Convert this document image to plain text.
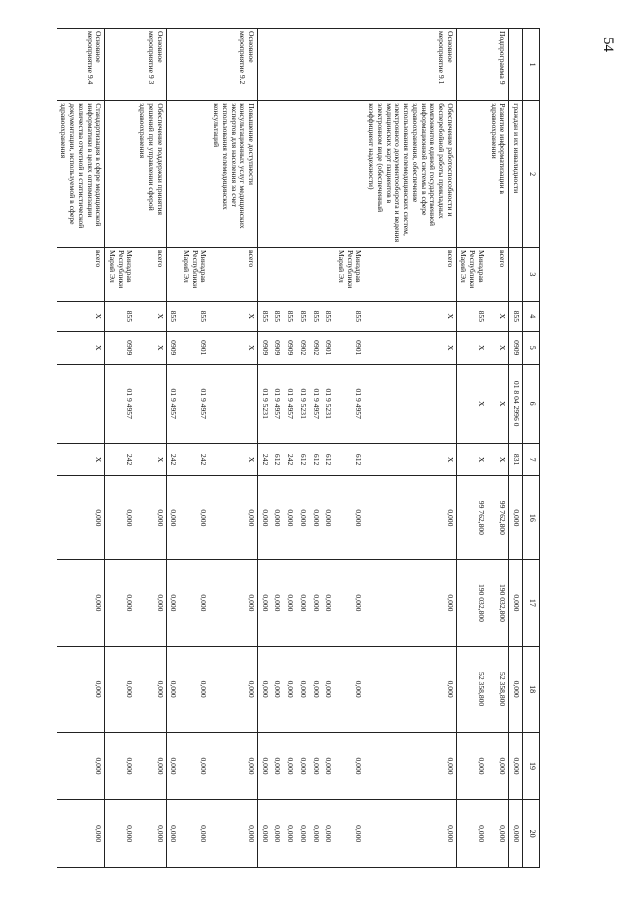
54
1	2	3	4	5	6	7	16	17	18	19	20
	граждан и их инвалидности		855	0909	01 8 04 2996 0	831	0,000	0,000	0,000	0,000	0,000
Подпрограмма 9	Развитие информатизации в здравоохранении	всего	X	X	X	X	99 762,800	190 032,800	52 358,800	0,000	0,000
		Минздрав Республики Марий Эл	855	X	X	X	99 762,800	190 032,800	52 358,800	0,000	0,000
Основное мероприятие 9.1	Обеспечение работоспособности и бесперебойной работы прикладных компонентов единой государственной информационной системы в сфере здравоохранения, обеспечение использования телемедицинских систем, электронного документооборота и ведения медицинских карт пациентов в электронном виде (обеспеченный коэффициент надежности)	всего	X	X		X	0,000	0,000	0,000	0,000	0,000
		Минздрав Республики Марий Эл	855	0901	01 9 4957	612	0,000	0,000	0,000	0,000	0,000
			855	0901	01 9 5231	612	0,000	0,000	0,000	0,000	0,000
			855	0902	01 9 4957	612	0,000	0,000	0,000	0,000	0,000
			855	0902	01 9 5231	612	0,000	0,000	0,000	0,000	0,000
			855	0909	01 9 4957	242	0,000	0,000	0,000	0,000	0,000
			855	0909	01 9 4957	612	0,000	0,000	0,000	0,000	0,000
			855	0909	01 9 5231	242	0,000	0,000	0,000	0,000	0,000
Основное мероприятие 9.2	Повышение доступности консультационных услуг медицинских экспертов для населения за счет использования телемедицинских консультаций	всего	X	X		X	0,000	0,000	0,000	0,000	0,000
		Минздрав Республики Марий Эл	855	0901	01 9 4957	242	0,000	0,000	0,000	0,000	0,000
			855	0909	01 9 4957	242	0,000	0,000	0,000	0,000	0,000
Основное мероприятие 9 3	Обеспечение поддержки принятия решений при управлении сферой здравоохранения	всего	X	X		X	0,000	0,000	0,000	0,000	0,000
		Минздрав Республики Марий Эл	855	0909	01 9 4957	242	0,000	0,000	0,000	0,000	0,000
Основное мероприятие 9.4	Стандартизация в сфере медицинской информатики в целях оптимизации количества отчетной и статистической документации, используемой в сфере здравоохранения	всего	X	X		X	0,000	0,000	0,000	0,000	0,000
